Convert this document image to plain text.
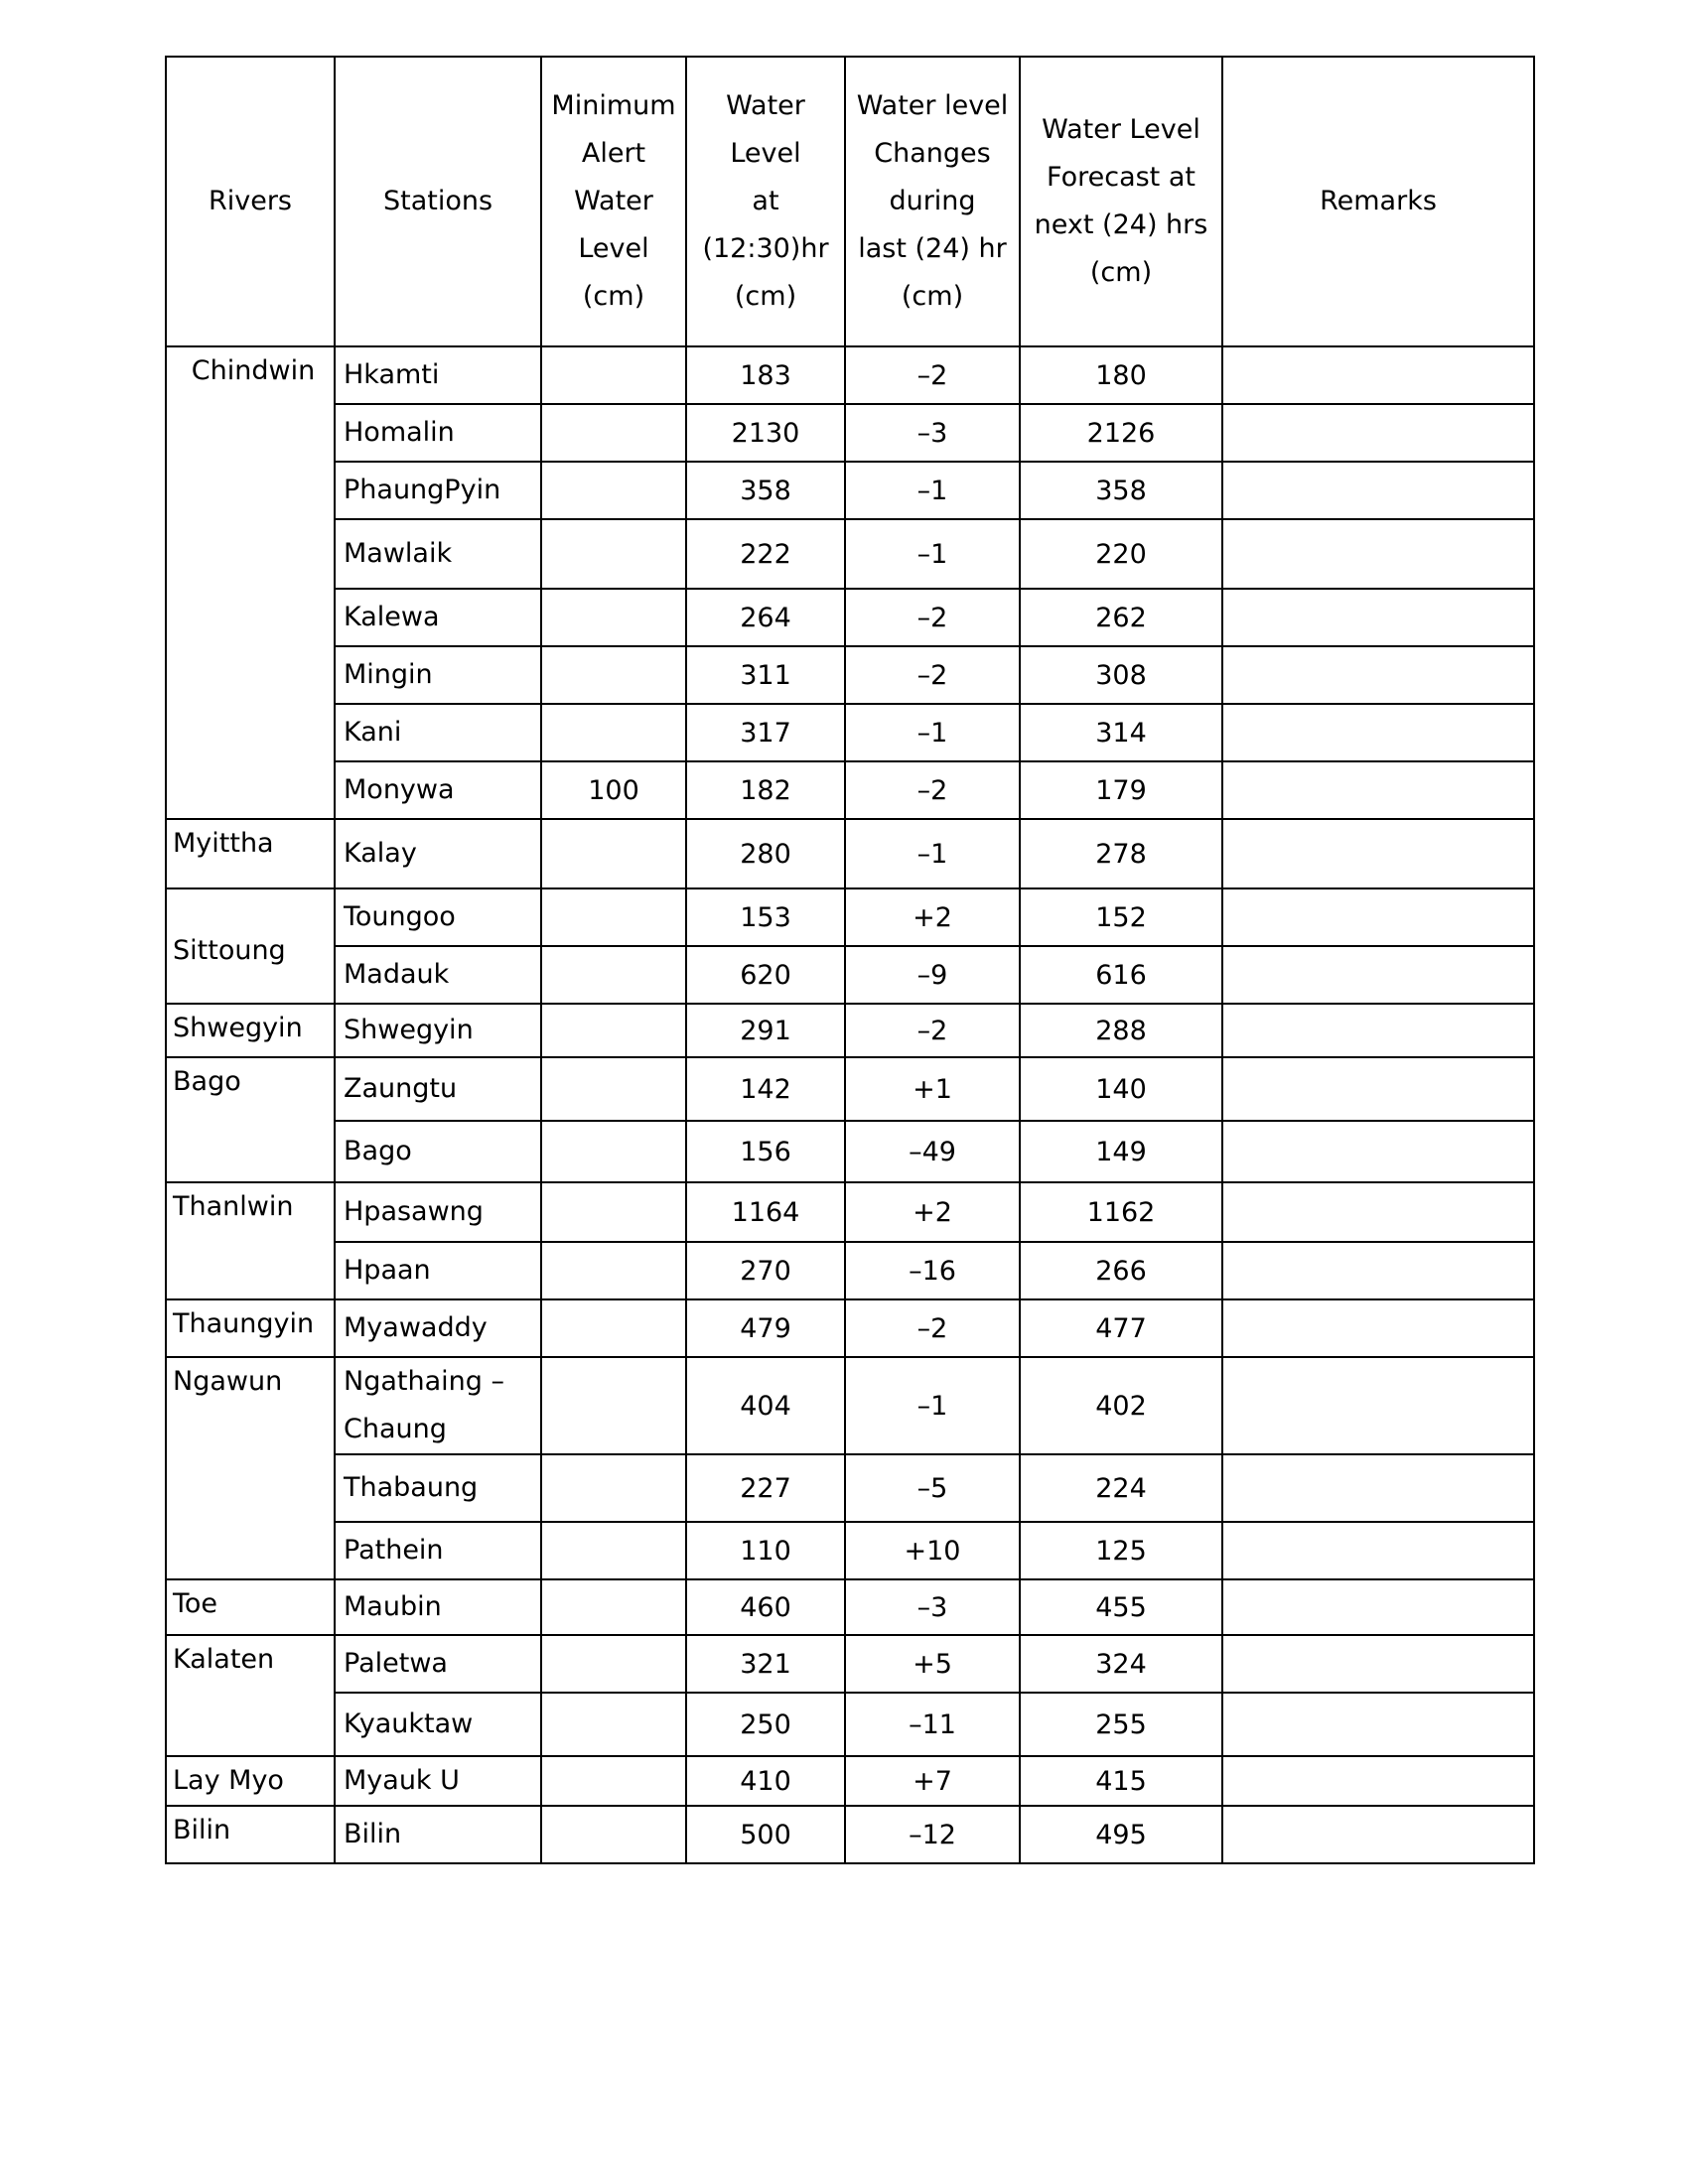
Rivers	Stations	Minimum
Alert
Water
Level
(cm)	Water
Level
at
(12:30)hr
(cm)	Water level
Changes
during
last (24) hr
(cm)	Water Level
Forecast at
next (24) hrs
(cm)	Remarks
Chindwin	Hkamti		183	–2	180	
	Homalin		2130	–3	2126	
	PhaungPyin		358	–1	358	
	Mawlaik		222	–1	220	
	Kalewa		264	–2	262	
	Mingin		311	–2	308	
	Kani		317	–1	314	
	Monywa	100	182	–2	179	
Myittha	Kalay		280	–1	278	
Sittoung	Toungoo		153	+2	152	
	Madauk		620	–9	616	
Shwegyin	Shwegyin		291	–2	288	
Bago	Zaungtu		142	+1	140	
	Bago		156	–49	149	
Thanlwin	Hpasawng		1164	+2	1162	
	Hpaan		270	–16	266	
Thaungyin	Myawaddy		479	–2	477	
Ngawun	Ngathaing –
Chaung		404	–1	402	
	Thabaung		227	–5	224	
	Pathein		110	+10	125	
Toe	Maubin		460	–3	455	
Kalaten	Paletwa		321	+5	324	
	Kyauktaw		250	–11	255	
Lay Myo	Myauk U		410	+7	415	
Bilin	Bilin		500	–12	495	
